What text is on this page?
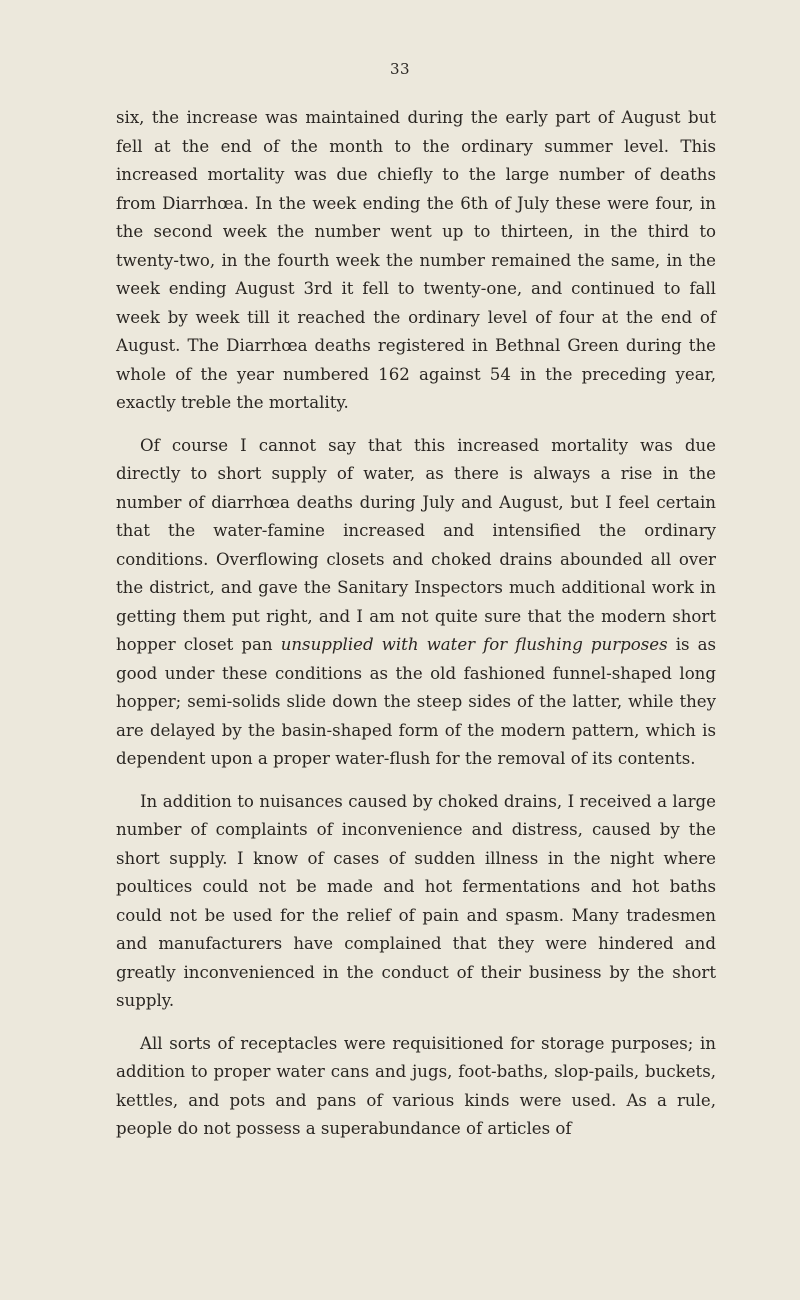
33

six, the increase was maintained during the early part of August but fell at the end of the month to the ordinary summer level. This increased mortality was due chiefly to the large number of deaths from Diarrhœa. In the week ending the 6th of July these were four, in the second week the number went up to thirteen, in the third to twenty-two, in the fourth week the number remained the same, in the week ending August 3rd it fell to twenty-one, and continued to fall week by week till it reached the ordinary level of four at the end of August. The Diarrhœa deaths registered in Bethnal Green during the whole of the year numbered 162 against 54 in the preceding year, exactly treble the mortality.

Of course I cannot say that this increased mortality was due directly to short supply of water, as there is always a rise in the number of diarrhœa deaths during July and August, but I feel certain that the water-famine increased and intensified the ordinary conditions. Overflowing closets and choked drains abounded all over the district, and gave the Sanitary Inspectors much additional work in getting them put right, and I am not quite sure that the modern short hopper closet pan unsupplied with water for flushing purposes is as good under these conditions as the old fashioned funnel-shaped long hopper; semi-solids slide down the steep sides of the latter, while they are delayed by the basin-shaped form of the modern pattern, which is dependent upon a proper water-flush for the removal of its contents.

In addition to nuisances caused by choked drains, I received a large number of complaints of inconvenience and distress, caused by the short supply. I know of cases of sudden illness in the night where poultices could not be made and hot fermentations and hot baths could not be used for the relief of pain and spasm. Many tradesmen and manufacturers have complained that they were hindered and greatly inconvenienced in the conduct of their business by the short supply.

All sorts of receptacles were requisitioned for storage purposes; in addition to proper water cans and jugs, foot-baths, slop-pails, buckets, kettles, and pots and pans of various kinds were used. As a rule, people do not possess a superabundance of articles of
